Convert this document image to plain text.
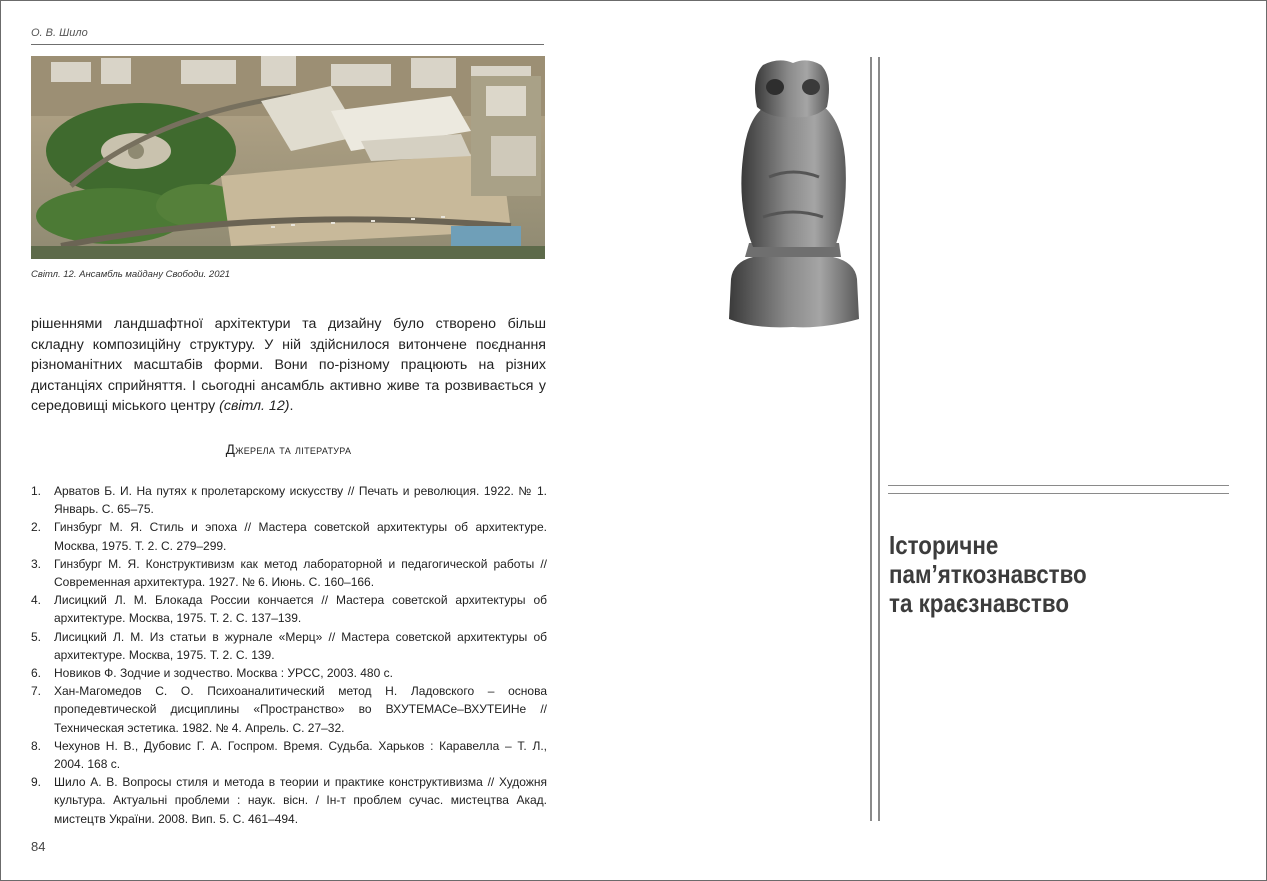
О. В. Шило
Світл. 12. Ансамбль майдану Свободи. 2021

рішеннями ландшафтної архітектури та дизайну було створено більш складну композиційну структуру. У ній здійснилося витончене поєднання різноманітних масштабів форми. Вони по-різному працюють на різних дистанціях сприйняття. І сьогодні ансамбль активно живе та розвивається у середовищі міського центру (світл. 12).

Джерела та література
1. Арватов Б. И. На путях к пролетарскому искусству // Печать и революция. 1922. № 1. Январь. С. 65–75.
2. Гинзбург М. Я. Стиль и эпоха // Мастера советской архитектуры об архитектуре. Москва, 1975. Т. 2. С. 279–299.
3. Гинзбург М. Я. Конструктивизм как метод лабораторной и педагогической работы // Современная архитектура. 1927. № 6. Июнь. С. 160–166.
4. Лисицкий Л. М. Блокада России кончается // Мастера советской архитектуры об архитектуре. Москва, 1975. Т. 2. С. 137–139.
5. Лисицкий Л. М. Из статьи в журнале «Мерц» // Мастера советской архитектуры об архитектуре. Москва, 1975. Т. 2. С. 139.
6. Новиков Ф. Зодчие и зодчество. Москва : УРСС, 2003. 480 с.
7. Хан-Магомедов С. О. Психоаналитический метод Н. Ладовского – основа пропедевтической дисциплины «Пространство» во ВХУТЕМАСе–ВХУТЕИНе // Техническая эстетика. 1982. № 4. Апрель. С. 27–32.
8. Чехунов Н. В., Дубовис Г. А. Госпром. Время. Судьба. Харьков : Каравелла – Т. Л., 2004. 168 с.
9. Шило А. В. Вопросы стиля и метода в теории и практике конструктивизма // Художня культура. Актуальні проблеми : наук. вісн. / Ін-т проблем сучас. мистецтва Акад. мистецтв України. 2008. Вип. 5. С. 461–494.
84
Історичне
пам’яткознавство
та краєзнавство
